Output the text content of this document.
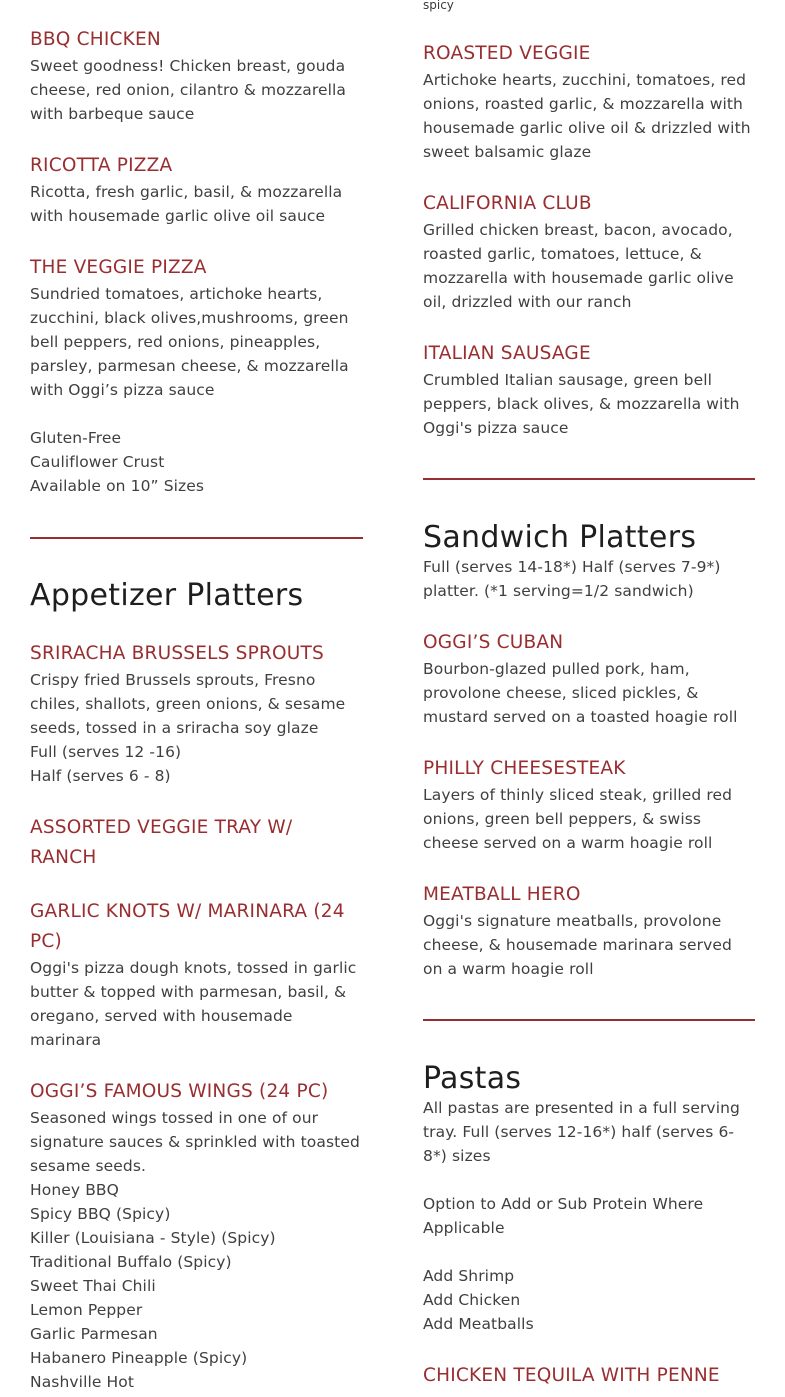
BBQ CHICKEN

Sweet goodness! Chicken breast, gouda cheese, red onion, cilantro & mozzarella with barbeque sauce

RICOTTA PIZZA

Ricotta, fresh garlic, basil, & mozzarella with housemade garlic olive oil sauce

THE VEGGIE PIZZA

Sundried tomatoes, artichoke hearts, zucchini, black olives,mushrooms, green bell peppers, red onions, pineapples, parsley, parmesan cheese, & mozzarella with Oggi’s pizza sauce

Gluten-Free
Cauliflower Crust
Available on 10” Sizes
Appetizer Platters
SRIRACHA BRUSSELS SPROUTS

Crispy fried Brussels sprouts, Fresno chiles, shallots, green onions, & sesame seeds, tossed in a sriracha soy glaze

Full (serves 12 -16)
Half (serves 6 - 8)
ASSORTED VEGGIE TRAY W/ RANCH
GARLIC KNOTS W/ MARINARA (24 PC)

Oggi's pizza dough knots, tossed in garlic butter & topped with parmesan, basil, & oregano, served with housemade marinara

OGGI’S FAMOUS WINGS (24 PC)

Seasoned wings tossed in one of our signature sauces & sprinkled with toasted sesame seeds.

Honey BBQ
Spicy BBQ (Spicy)
Killer (Louisiana - Style) (Spicy)
Traditional Buffalo (Spicy)
Sweet Thai Chili
Lemon Pepper
Garlic Parmesan
Habanero Pineapple (Spicy)
Nashville Hot
spicy
ROASTED VEGGIE

Artichoke hearts, zucchini, tomatoes, red onions, roasted garlic, & mozzarella with housemade garlic olive oil & drizzled with sweet balsamic glaze

CALIFORNIA CLUB

Grilled chicken breast, bacon, avocado, roasted garlic, tomatoes, lettuce, & mozzarella with housemade garlic olive oil, drizzled with our ranch

ITALIAN SAUSAGE

Crumbled Italian sausage, green bell peppers, black olives, & mozzarella with Oggi's pizza sauce

Sandwich Platters

Full (serves 14-18*) Half (serves 7-9*) platter. (*1 serving=1/2 sandwich)

OGGI’S CUBAN

Bourbon-glazed pulled pork, ham, provolone cheese, sliced pickles, & mustard served on a toasted hoagie roll

PHILLY CHEESESTEAK

Layers of thinly sliced steak, grilled red onions, green bell peppers, & swiss cheese served on a warm hoagie roll

MEATBALL HERO

Oggi's signature meatballs, provolone cheese, & housemade marinara served on a warm hoagie roll

Pastas

All pastas are presented in a full serving tray. Full (serves 12-16*) half (serves 6-8*) sizes

Option to Add or Sub Protein Where Applicable

Add Shrimp
Add Chicken
Add Meatballs
CHICKEN TEQUILA WITH PENNE
